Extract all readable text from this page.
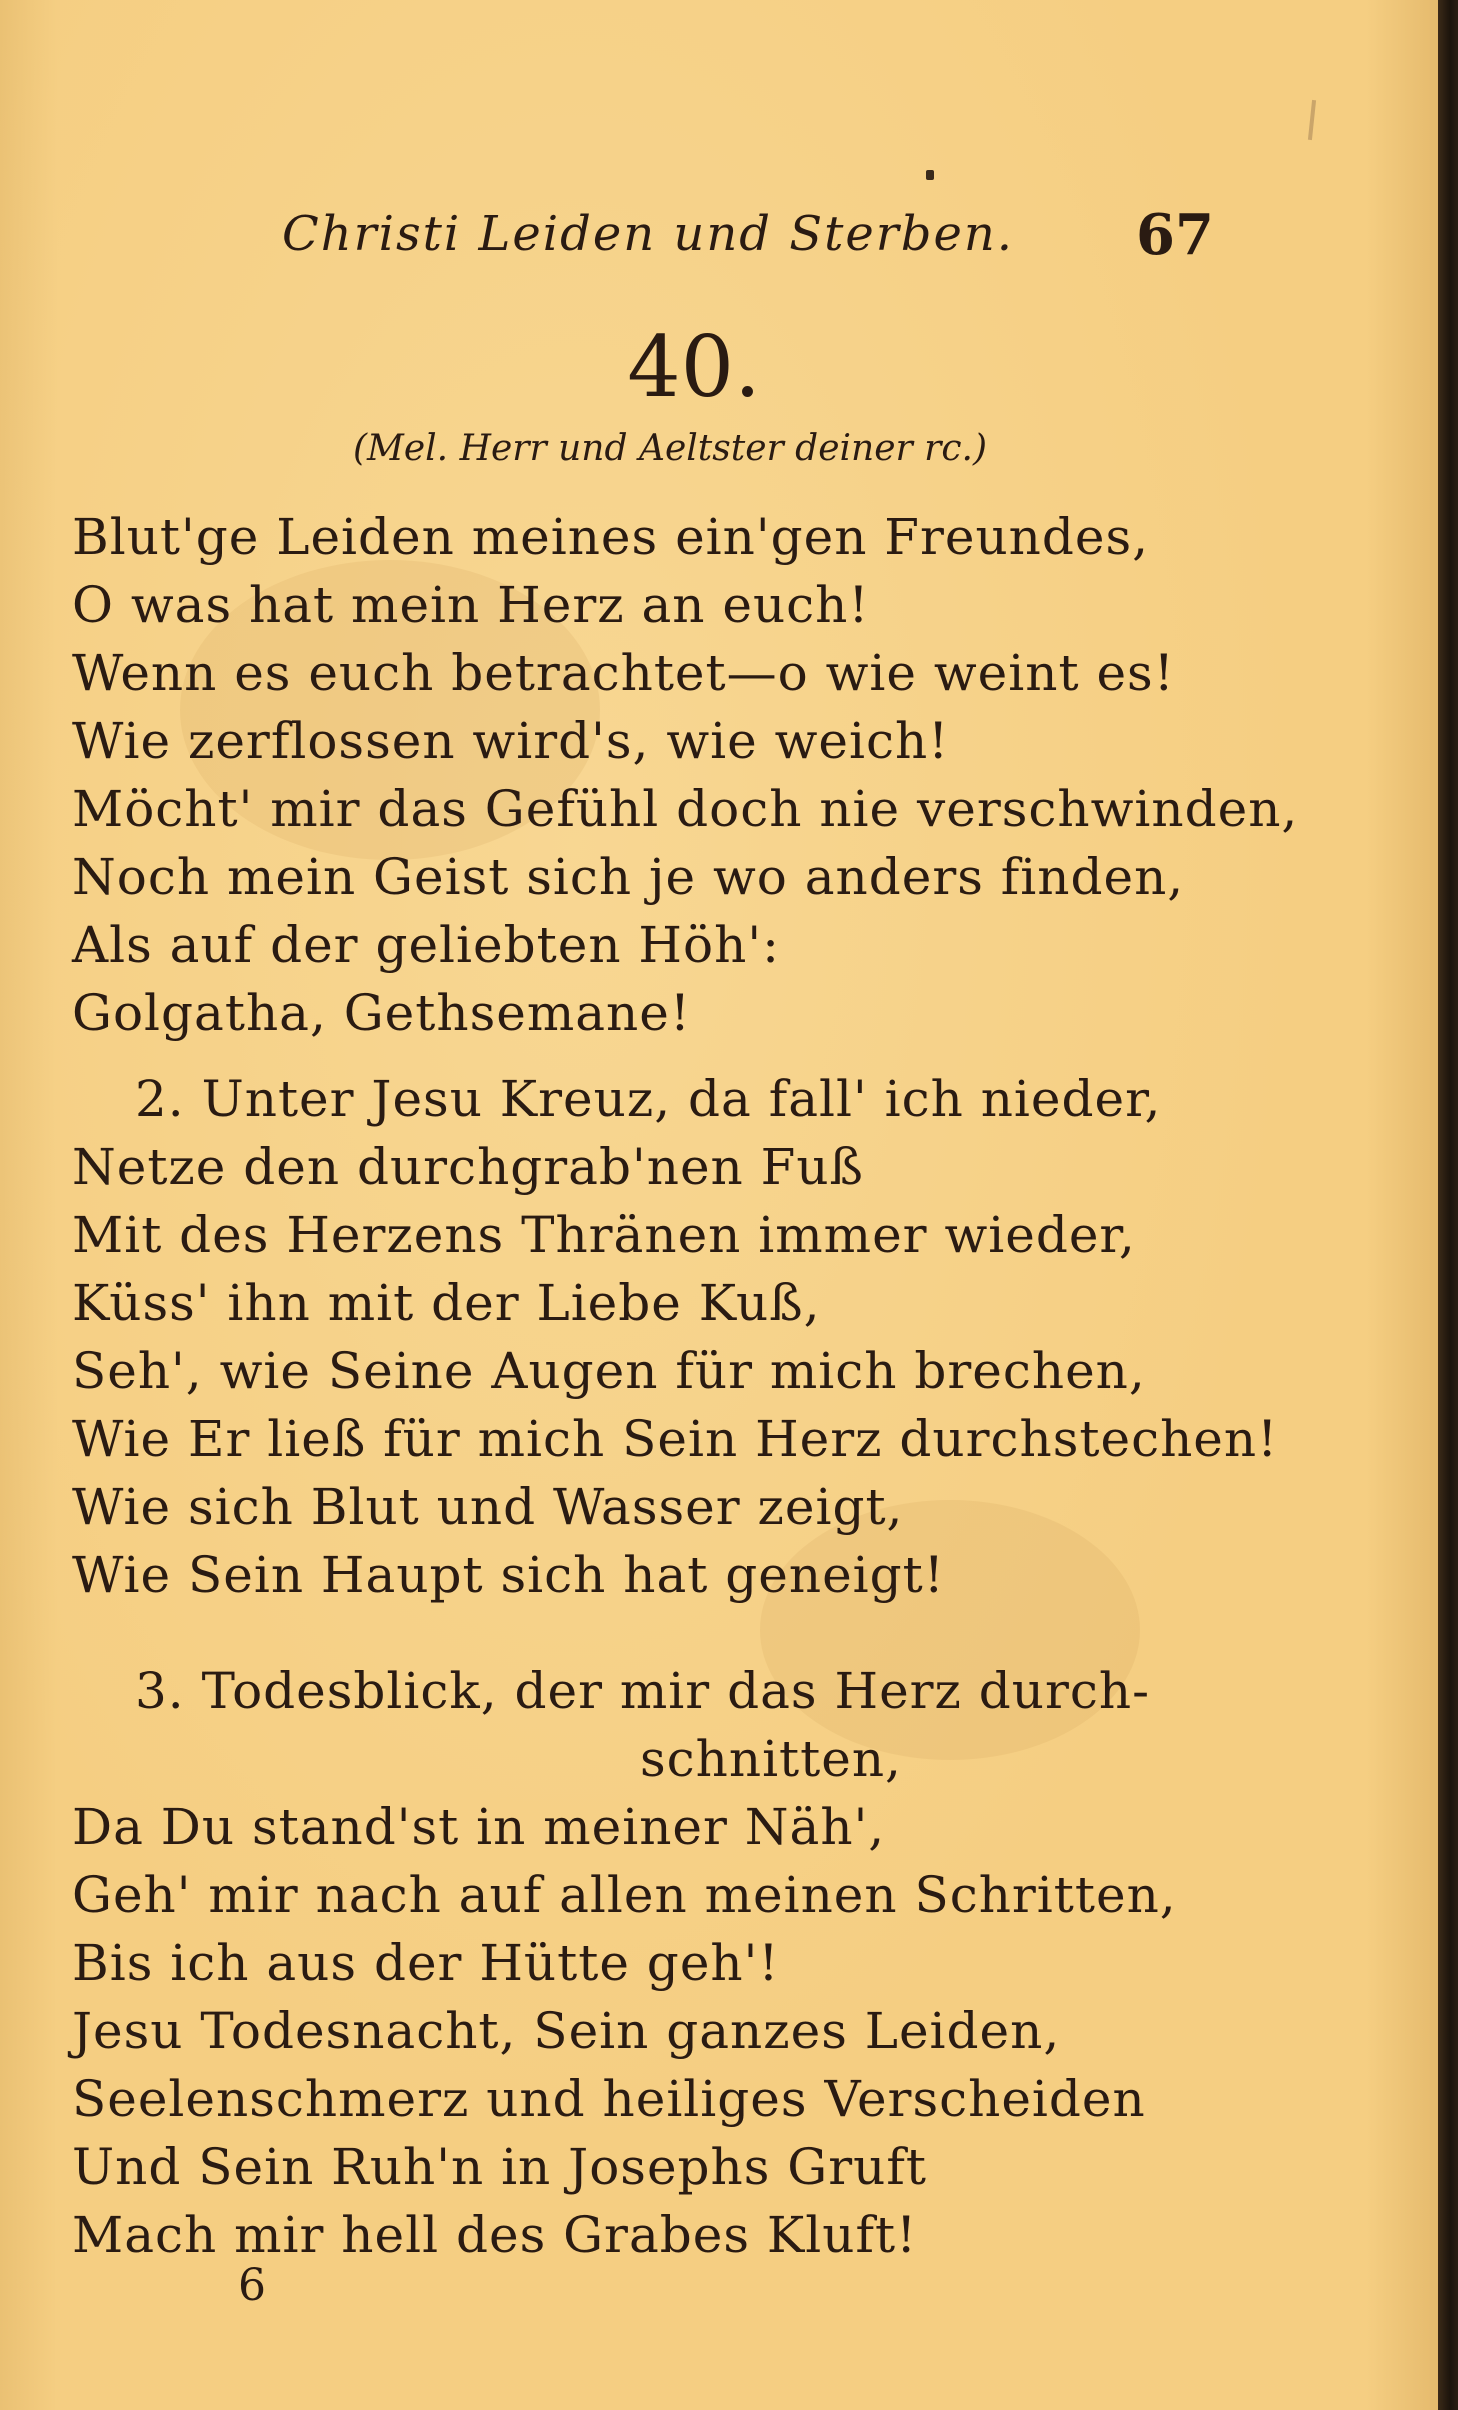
Christi Leiden und Sterben. 67
40.
(Mel. Herr und Aeltster deiner rc.)
Blut'ge Leiden meines ein'gen Freundes,
O was hat mein Herz an euch!
Wenn es euch betrachtet—o wie weint es!
Wie zerflossen wird's, wie weich!
Möcht' mir das Gefühl doch nie verschwinden,
Noch mein Geist sich je wo anders finden,
Als auf der geliebten Höh':
Golgatha, Gethsemane!
2. Unter Jesu Kreuz, da fall' ich nieder,
Netze den durchgrab'nen Fuß
Mit des Herzens Thränen immer wieder,
Küss' ihn mit der Liebe Kuß,
Seh', wie Seine Augen für mich brechen,
Wie Er ließ für mich Sein Herz durchstechen!
Wie sich Blut und Wasser zeigt,
Wie Sein Haupt sich hat geneigt!
3. Todesblick, der mir das Herz durch-
schnitten,
Da Du stand'st in meiner Näh',
Geh' mir nach auf allen meinen Schritten,
Bis ich aus der Hütte geh'!
Jesu Todesnacht, Sein ganzes Leiden,
Seelenschmerz und heiliges Verscheiden
Und Sein Ruh'n in Josephs Gruft
Mach mir hell des Grabes Kluft!
6
